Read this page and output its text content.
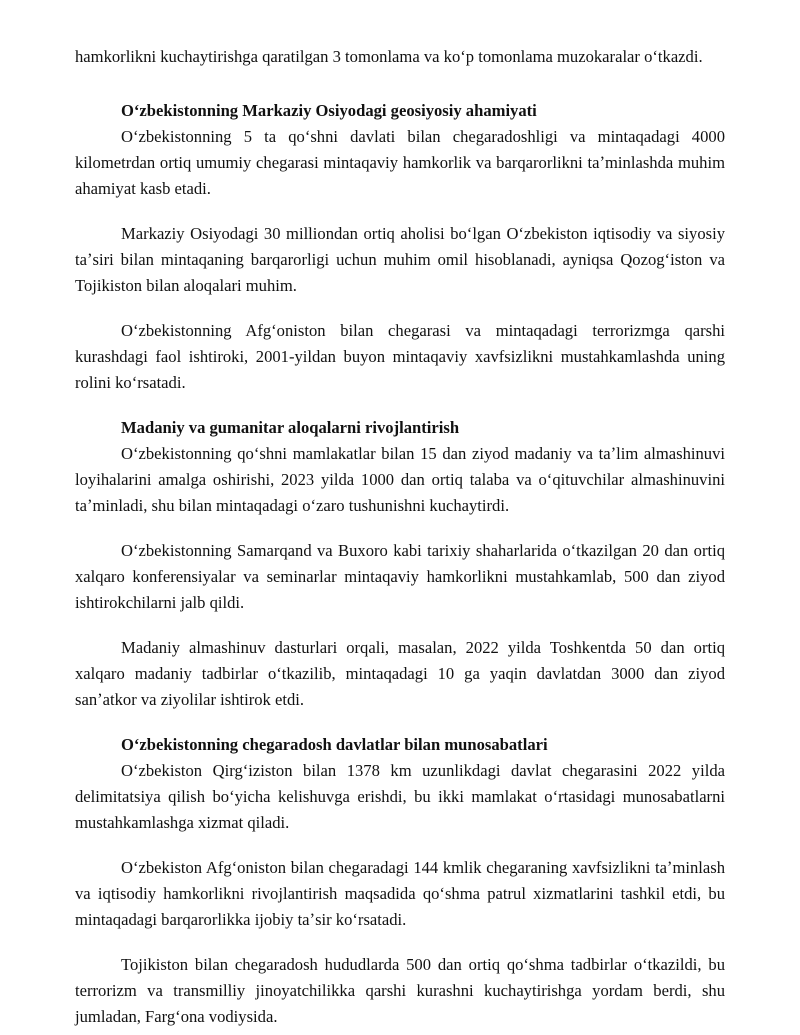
hamkorlikni kuchaytirishga qaratilgan 3 tomonlama va koʻp tomonlama muzokaralar oʻtkazdi.

Oʻzbekistonning Markaziy Osiyodagi geosiyosiy ahamiyati

Oʻzbekistonning 5 ta qoʻshni davlati bilan chegaradoshligi va mintaqadagi 4000 kilometrdan ortiq umumiy chegarasi mintaqaviy hamkorlik va barqarorlikni taʼminlashda muhim ahamiyat kasb etadi.

Markaziy Osiyodagi 30 milliondan ortiq aholisi boʻlgan Oʻzbekiston iqtisodiy va siyosiy taʼsiri bilan mintaqaning barqarorligi uchun muhim omil hisoblanadi, ayniqsa Qozogʻiston va Tojikiston bilan aloqalari muhim.

Oʻzbekistonning Afgʻoniston bilan chegarasi va mintaqadagi terrorizmga qarshi kurashdagi faol ishtiroki, 2001-yildan buyon mintaqaviy xavfsizlikni mustahkamlashda uning rolini koʻrsatadi.

Madaniy va gumanitar aloqalarni rivojlantirish

Oʻzbekistonning qoʻshni mamlakatlar bilan 15 dan ziyod madaniy va taʼlim almashinuvi loyihalarini amalga oshirishi, 2023 yilda 1000 dan ortiq talaba va oʻqituvchilar almashinuvini taʼminladi, shu bilan mintaqadagi oʻzaro tushunishni kuchaytirdi.

Oʻzbekistonning Samarqand va Buxoro kabi tarixiy shaharlarida oʻtkazilgan 20 dan ortiq xalqaro konferensiyalar va seminarlar mintaqaviy hamkorlikni mustahkamlab, 500 dan ziyod ishtirokchilarni jalb qildi.

Madaniy almashinuv dasturlari orqali, masalan, 2022 yilda Toshkentda 50 dan ortiq xalqaro madaniy tadbirlar oʻtkazilib, mintaqadagi 10 ga yaqin davlatdan 3000 dan ziyod sanʼatkor va ziyolilar ishtirok etdi.

Oʻzbekistonning chegaradosh davlatlar bilan munosabatlari

Oʻzbekiston Qirgʻiziston bilan 1378 km uzunlikdagi davlat chegarasini 2022 yilda delimitatsiya qilish boʻyicha kelishuvga erishdi, bu ikki mamlakat oʻrtasidagi munosabatlarni mustahkamlashga xizmat qiladi.

Oʻzbekiston Afgʻoniston bilan chegaradagi 144 kmlik chegaraning xavfsizlikni taʼminlash va iqtisodiy hamkorlikni rivojlantirish maqsadida qoʻshma patrul xizmatlarini tashkil etdi, bu mintaqadagi barqarorlikka ijobiy taʼsir koʻrsatadi.

Tojikiston bilan chegaradosh hududlarda 500 dan ortiq qoʻshma tadbirlar oʻtkazildi, bu terrorizm va transmilliy jinoyatchilikka qarshi kurashni kuchaytirishga yordam berdi, shu jumladan, Fargʻona vodiysida.
